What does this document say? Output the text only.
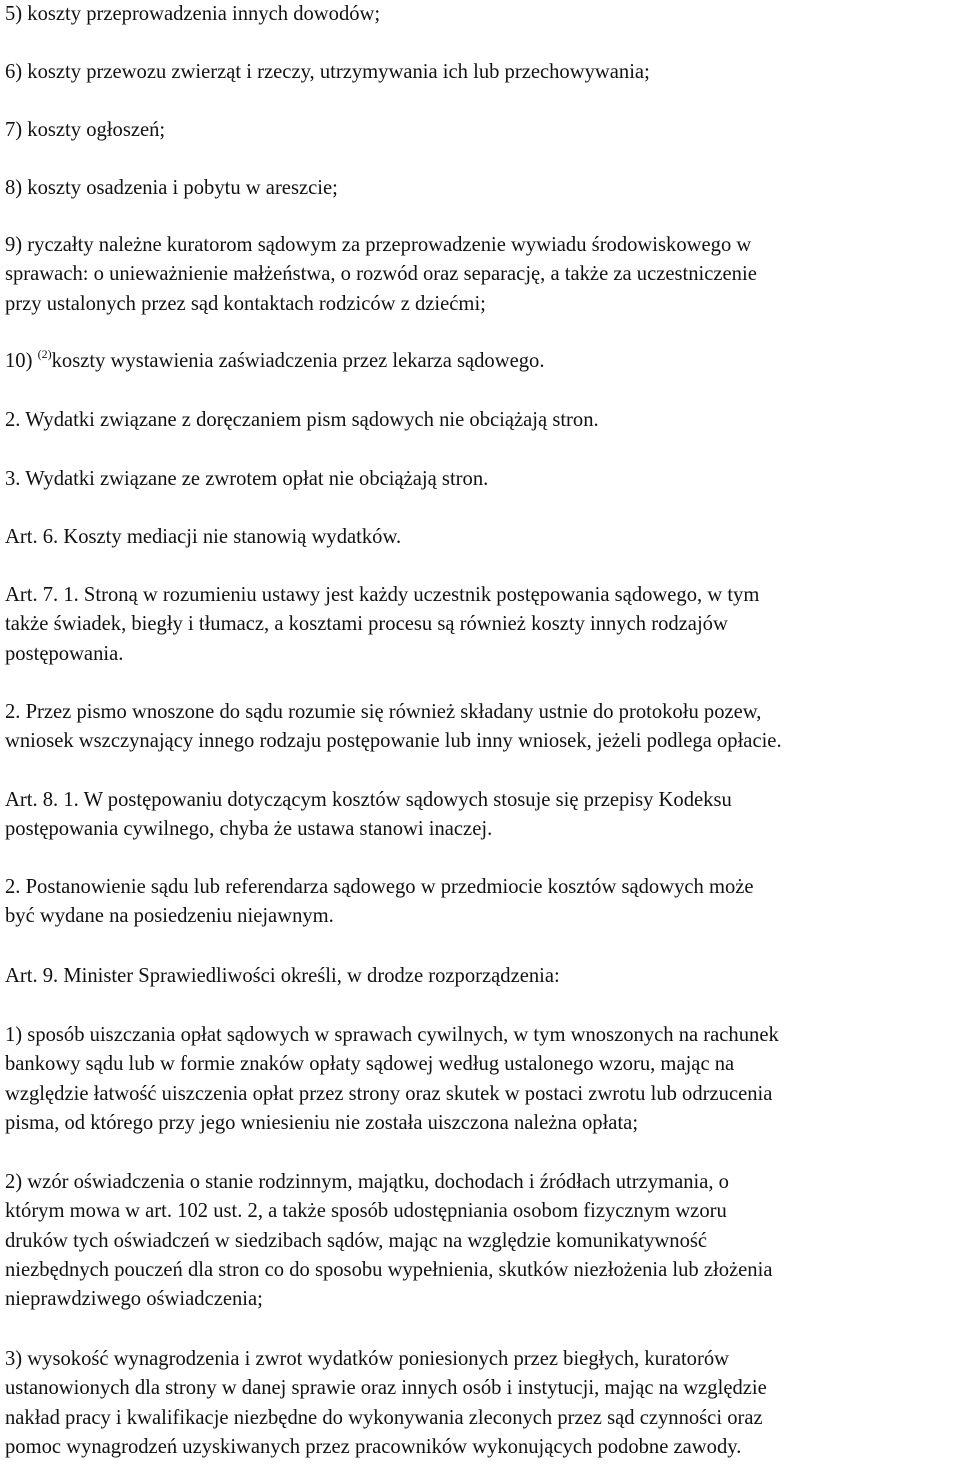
5) koszty przeprowadzenia innych dowodów;

6) koszty przewozu zwierząt i rzeczy, utrzymywania ich lub przechowywania;

7) koszty ogłoszeń;

8) koszty osadzenia i pobytu w areszcie;

9) ryczałty należne kuratorom sądowym za przeprowadzenie wywiadu środowiskowego w
sprawach: o unieważnienie małżeństwa, o rozwód oraz separację, a także za uczestniczenie
przy ustalonych przez sąd kontaktach rodziców z dziećmi;

10) $^{(2)}$koszty wystawienia zaświadczenia przez lekarza sądowego.

2. Wydatki związane z doręczaniem pism sądowych nie obciążają stron.

3. Wydatki związane ze zwrotem opłat nie obciążają stron.

Art. 6. Koszty mediacji nie stanowią wydatków.

Art. 7. 1. Stroną w rozumieniu ustawy jest każdy uczestnik postępowania sądowego, w tym
także świadek, biegły i tłumacz, a kosztami procesu są również koszty innych rodzajów
postępowania.

2. Przez pismo wnoszone do sądu rozumie się również składany ustnie do protokołu pozew,
wniosek wszczynający innego rodzaju postępowanie lub inny wniosek, jeżeli podlega opłacie.

Art. 8. 1. W postępowaniu dotyczącym kosztów sądowych stosuje się przepisy Kodeksu
postępowania cywilnego, chyba że ustawa stanowi inaczej.

2. Postanowienie sądu lub referendarza sądowego w przedmiocie kosztów sądowych może
być wydane na posiedzeniu niejawnym.

Art. 9. Minister Sprawiedliwości określi, w drodze rozporządzenia:

1) sposób uiszczania opłat sądowych w sprawach cywilnych, w tym wnoszonych na rachunek
bankowy sądu lub w formie znaków opłaty sądowej według ustalonego wzoru, mając na
względzie łatwość uiszczenia opłat przez strony oraz skutek w postaci zwrotu lub odrzucenia
pisma, od którego przy jego wniesieniu nie została uiszczona należna opłata;

2) wzór oświadczenia o stanie rodzinnym, majątku, dochodach i źródłach utrzymania, o
którym mowa w art. 102 ust. 2, a także sposób udostępniania osobom fizycznym wzoru
druków tych oświadczeń w siedzibach sądów, mając na względzie komunikatywność
niezbędnych pouczeń dla stron co do sposobu wypełnienia, skutków niezłożenia lub złożenia
nieprawdziwego oświadczenia;

3) wysokość wynagrodzenia i zwrot wydatków poniesionych przez biegłych, kuratorów
ustanowionych dla strony w danej sprawie oraz innych osób i instytucji, mając na względzie
nakład pracy i kwalifikacje niezbędne do wykonywania zleconych przez sąd czynności oraz
pomoc wynagrodzeń uzyskiwanych przez pracowników wykonujących podobne zawody.
